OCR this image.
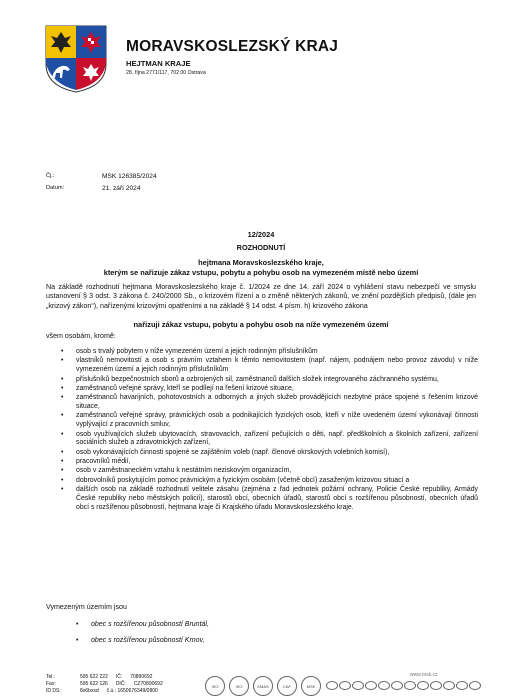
MORAVSKOSLEZSKÝ KRAJ
HEJTMAN KRAJE
28. října 2771/117, 702 00 Ostrava
Čj.:	MSK 126385/2024
Datum:	21. září 2024
12/2024
ROZHODNUTÍ
hejtmana Moravskoslezského kraje,
kterým se nařizuje zákaz vstupu, pobytu a pohybu osob na vymezeném místě nebo území
Na základě rozhodnutí hejtmana Moravskoslezského kraje č. 1/2024 ze dne 14. září 2024 o vyhlášení stavu nebezpečí ve smyslu ustanovení § 3 odst. 3 zákona č. 240/2000 Sb., o krizovém řízení a o změně některých zákonů, ve znění pozdějších předpisů, (dále jen „krizový zákon“), nařízenými krizovými opatřeními a na základě § 14 odst. 4 písm. h) krizového zákona
nařizuji zákaz vstupu, pobytu a pohybu osob na níže vymezeném území
všem osobám, kromě:
• osob s trvalý pobytem v níže vymezeném území a jejich rodinným příslušníkům
• vlastníků nemovitostí a osob s právním vztahem k těmto nemovitostem (např. nájem, podnájem nebo provoz závodu) v níže vymezeném území a jejich rodinným příslušníkům
• příslušníků bezpečnostních sborů a ozbrojených sil, zaměstnanců dalších složek integrovaného záchranného systému,
• zaměstnanců veřejné správy, kteří se podílejí na řešení krizové situace,
• zaměstnanců havarijních, pohotovostních a odborných a jiných služeb provádějících nezbytné práce spojené s řešením krizové situace,
• zaměstnanců veřejné správy, právnických osob a podnikajících fyzických osob, kteří v níže uvedeném území vykonávají činnosti vyplývající z pracovních smluv,
• osob využívajících služeb ubytovacích, stravovacích, zařízení pečujících o děti, např. předškolních a školních zařízení, zařízení sociálních služeb a zdravotnických zařízení,
• osob vykonávajících činnosti spojené se zajištěním voleb (např. členové okrskových volebních komisí),
• pracovníků médií,
• osob v zaměstnaneckém vztahu k nestátním neziskovým organizacím,
• dobrovolníků poskytujícím pomoc právnickým a fyzickým osobám (včetně obcí) zasaženým krizovou situací a
• dalších osob na základě rozhodnutí velitele zásahu (zejména z řad jednotek požární ochrany, Policie České republiky, Armády České republiky nebo městských policií), starostů obcí, obecních úřadů, starostů obcí s rozšířenou působností, obecních úřadů obcí s rozšířenou působností, hejtmana kraje či Krajského úřadu Moravskoslezského kraje.
Vymezeným územím jsou
• obec s rozšířenou působností Bruntál,
• obec s rozšířenou působností Krnov,
Tel.:	595 622 222 IČ: 70890692
Fax:	595 622 126 DIČ: CZ70890692
ID DS:	8x6bxsd č.ú.: 1650676349/0800
ISO	ISO	EMAS	CAF	MSK
www.msk.cz
